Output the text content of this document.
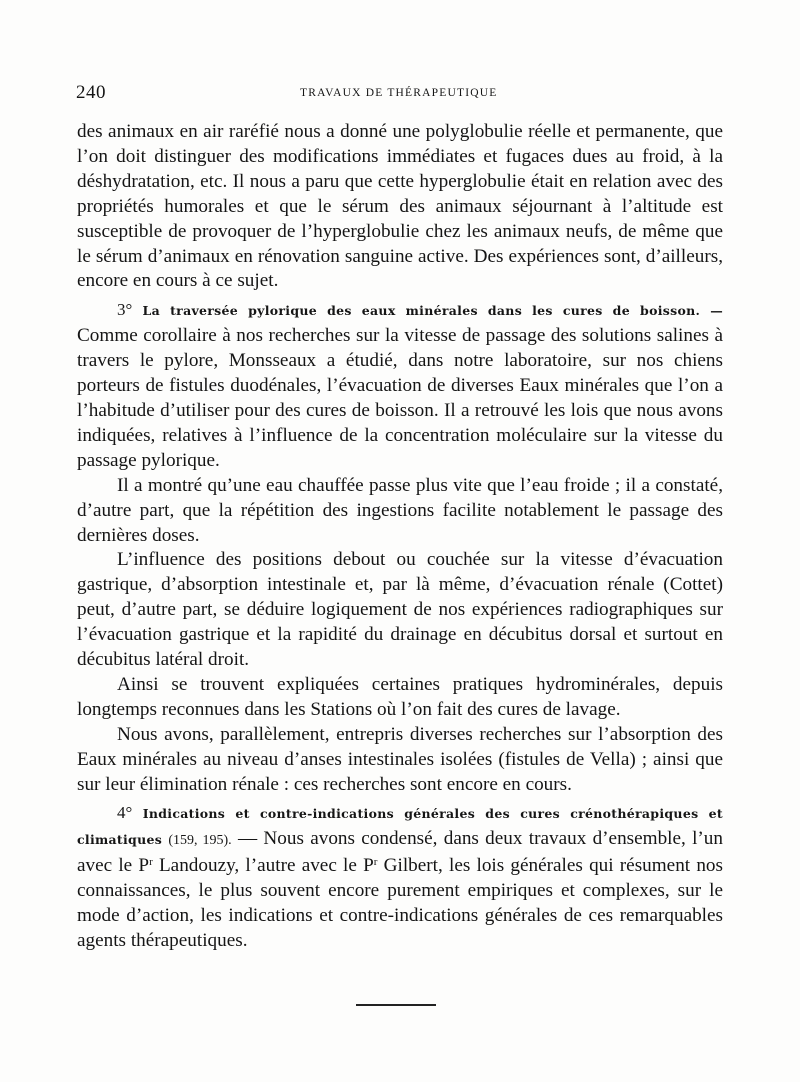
240	TRAVAUX DE THÉRAPEUTIQUE

des animaux en air raréfié nous a donné une polyglobulie réelle et permanente, que l’on doit distinguer des modifications immédiates et fugaces dues au froid, à la déshydratation, etc. Il nous a paru que cette hyperglobulie était en relation avec des propriétés humorales et que le sérum des animaux séjournant à l’altitude est susceptible de provoquer de l’hyperglobulie chez les animaux neufs, de même que le sérum d’animaux en rénovation sanguine active. Des expériences sont, d’ailleurs, encore en cours à ce sujet.

3° La traversée pylorique des eaux minérales dans les cures de boisson. — Comme corollaire à nos recherches sur la vitesse de passage des solutions salines à travers le pylore, Monsseaux a étudié, dans notre laboratoire, sur nos chiens porteurs de fistules duodénales, l’évacuation de diverses Eaux minérales que l’on a l’habitude d’utiliser pour des cures de boisson. Il a retrouvé les lois que nous avons indiquées, relatives à l’influence de la concentration moléculaire sur la vitesse du passage pylorique.

Il a montré qu’une eau chauffée passe plus vite que l’eau froide ; il a constaté, d’autre part, que la répétition des ingestions facilite notablement le passage des dernières doses.

L’influence des positions debout ou couchée sur la vitesse d’évacuation gastrique, d’absorption intestinale et, par là même, d’évacuation rénale (Cottet) peut, d’autre part, se déduire logiquement de nos expériences radiographiques sur l’évacuation gastrique et la rapidité du drainage en décubitus dorsal et surtout en décubitus latéral droit.

Ainsi se trouvent expliquées certaines pratiques hydrominérales, depuis longtemps reconnues dans les Stations où l’on fait des cures de lavage.

Nous avons, parallèlement, entrepris diverses recherches sur l’absorption des Eaux minérales au niveau d’anses intestinales isolées (fistules de Vella) ; ainsi que sur leur élimination rénale : ces recherches sont encore en cours.

4° Indications et contre-indications générales des cures crénothérapiques et climatiques (159, 195). — Nous avons condensé, dans deux travaux d’ensemble, l’un avec le $P^r$ Landouzy, l’autre avec le $P^r$ Gilbert, les lois générales qui résument nos connaissances, le plus souvent encore purement empiriques et complexes, sur le mode d’action, les indications et contre-indications générales de ces remarquables agents thérapeutiques.
